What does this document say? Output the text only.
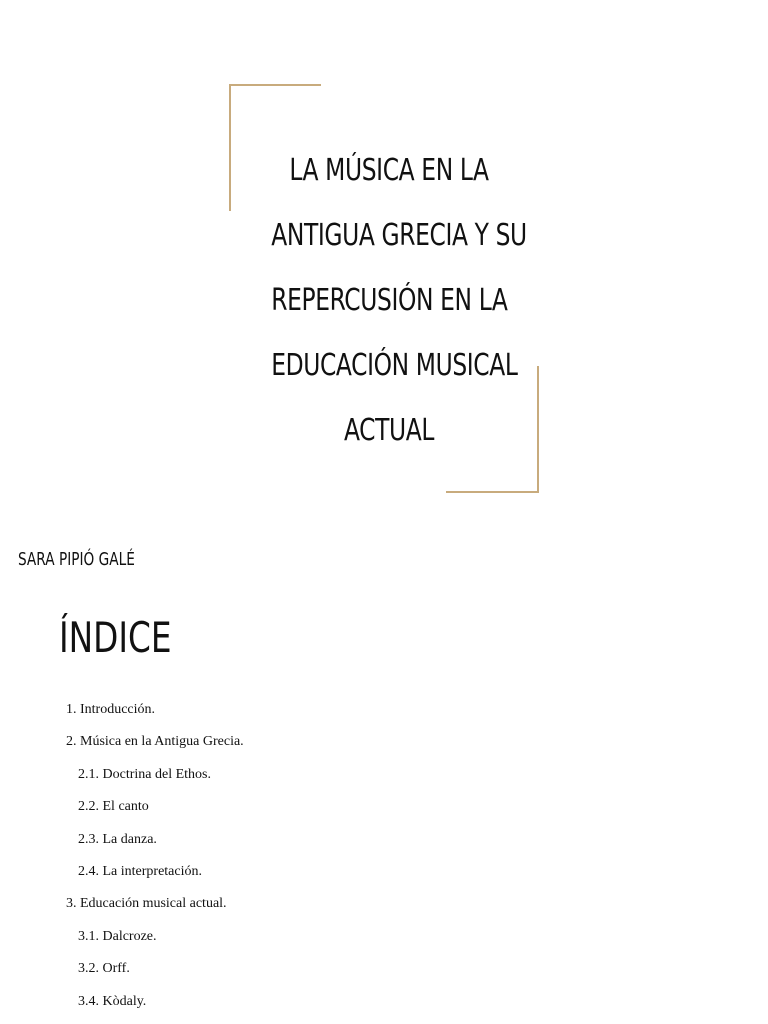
LA MÚSICA EN LA
ANTIGUA GRECIA Y SU
REPERCUSIÓN EN LA
EDUCACIÓN MUSICAL
ACTUAL

SARA PIPIÓ GALÉ

ÍNDICE
1. Introducción.
2. Música en la Antigua Grecia.
2.1. Doctrina del Ethos.
2.2. El canto
2.3. La danza.
2.4. La interpretación.
3. Educación musical actual.
3.1. Dalcroze.
3.2. Orff.
3.4. Kòdaly.
